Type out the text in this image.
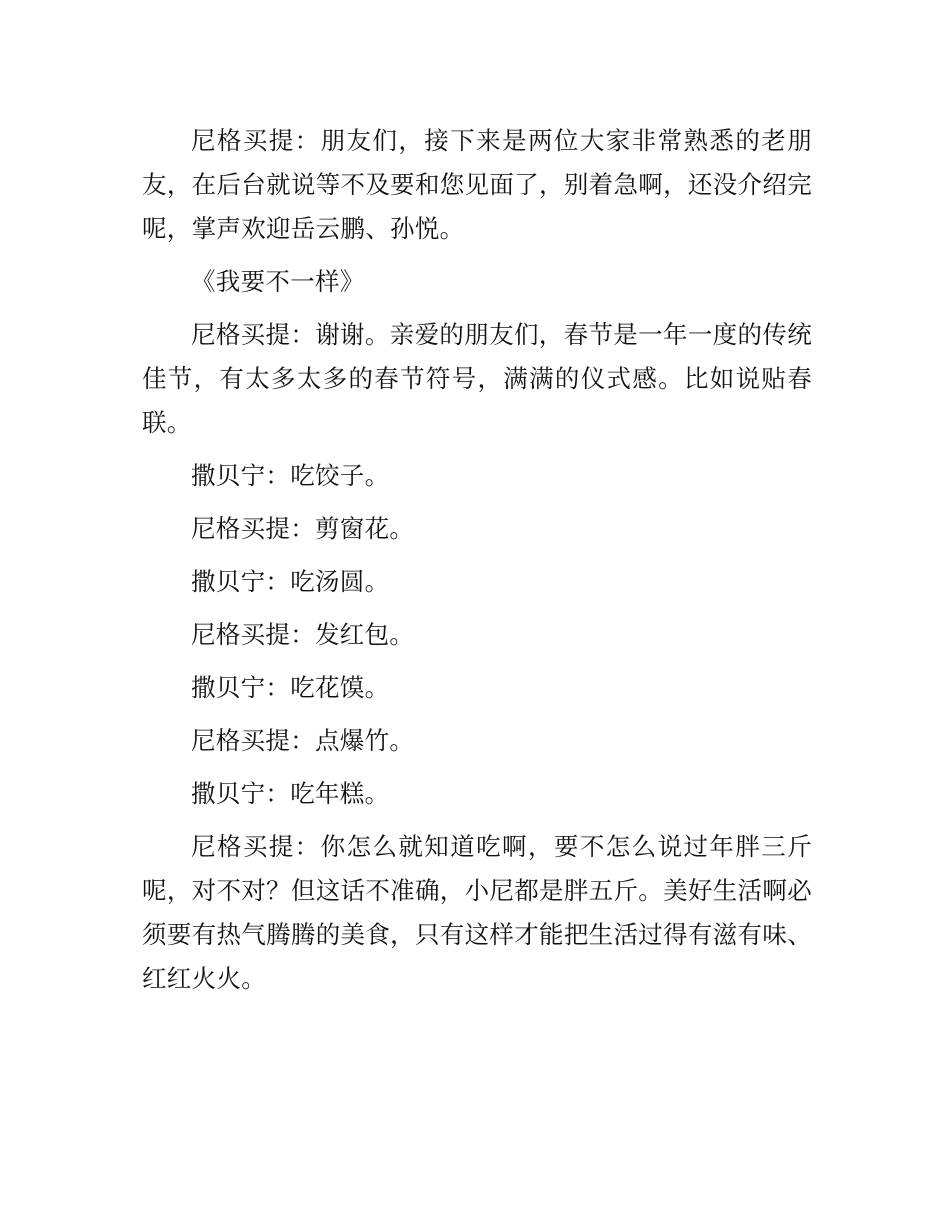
尼格买提：朋友们，接下来是两位大家非常熟悉的老朋友，在后台就说等不及要和您见面了，别着急啊，还没介绍完呢，掌声欢迎岳云鹏、孙悦。

《我要不一样》

尼格买提：谢谢。亲爱的朋友们，春节是一年一度的传统佳节，有太多太多的春节符号，满满的仪式感。比如说贴春联。

撒贝宁：吃饺子。

尼格买提：剪窗花。

撒贝宁：吃汤圆。

尼格买提：发红包。

撒贝宁：吃花馍。

尼格买提：点爆竹。

撒贝宁：吃年糕。

尼格买提：你怎么就知道吃啊，要不怎么说过年胖三斤呢，对不对？但这话不准确，小尼都是胖五斤。美好生活啊必须要有热气腾腾的美食，只有这样才能把生活过得有滋有味、红红火火。
